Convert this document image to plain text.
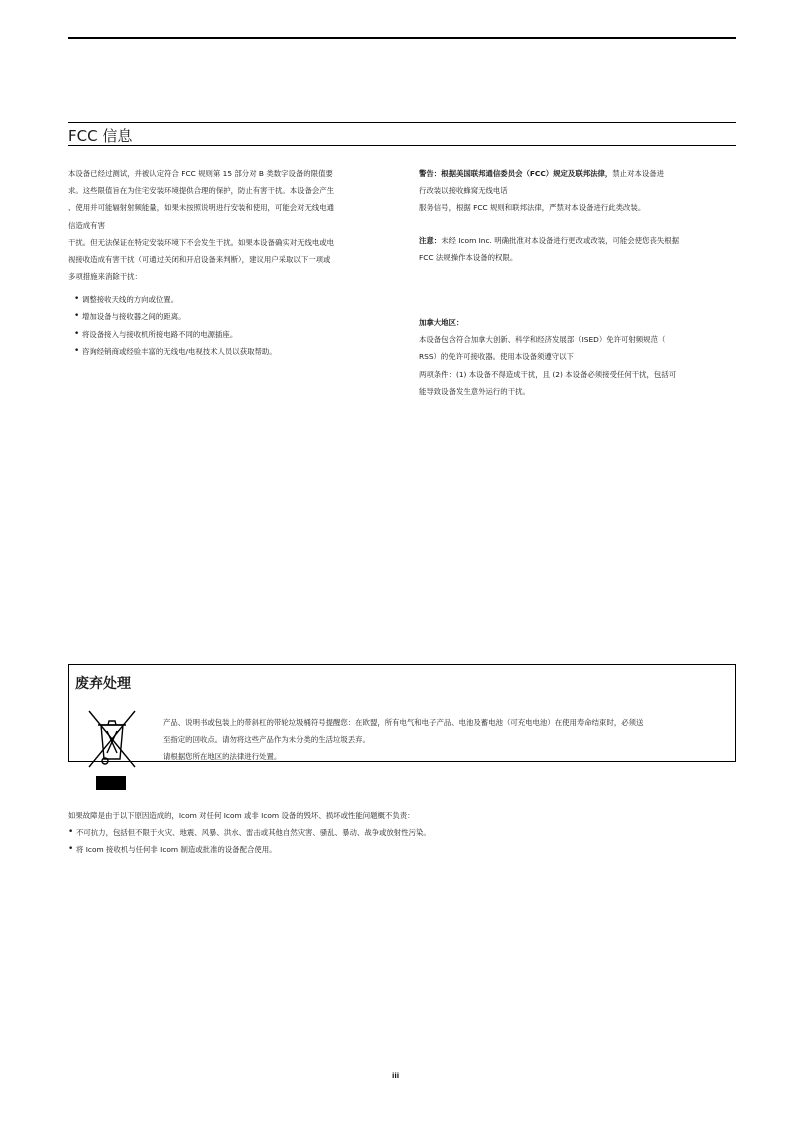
FCC 信息

本设备已经过测试，并被认定符合 FCC 规则第 15 部分对 B 类数字设备的限值要

求。这些限值旨在为住宅安装环境提供合理的保护，防止有害干扰。本设备会产生

、使用并可能辐射射频能量，如果未按照说明进行安装和使用，可能会对无线电通

信造成有害

干扰。但无法保证在特定安装环境下不会发生干扰。如果本设备确实对无线电或电

视接收造成有害干扰（可通过关闭和开启设备来判断），建议用户采取以下一项或

多项措施来消除干扰：

• 调整接收天线的方向或位置。
• 增加设备与接收器之间的距离。
• 将设备接入与接收机所接电路不同的电源插座。
• 咨询经销商或经验丰富的无线电/电视技术人员以获取帮助。

警告：根据美国联邦通信委员会（FCC）规定及联邦法律，禁止对本设备进

行改装以接收蜂窝无线电话

服务信号，根据 FCC 规则和联邦法律，严禁对本设备进行此类改装。

注意：未经 Icom Inc. 明确批准对本设备进行更改或改装，可能会使您丧失根据

FCC 法规操作本设备的权限。

加拿大地区：

本设备包含符合加拿大创新、科学和经济发展部（ISED）免许可射频规范（

RSS）的免许可接收器。使用本设备须遵守以下

两项条件：(1) 本设备不得造成干扰，且 (2) 本设备必须接受任何干扰，包括可

能导致设备发生意外运行的干扰。

废弃处理

产品、说明书或包装上的带斜杠的带轮垃圾桶符号提醒您：在欧盟，所有电气和电子产品、电池及蓄电池（可充电电池）在使用寿命结束时，必须送

至指定的回收点。请勿将这些产品作为未分类的生活垃圾丢弃。

请根据您所在地区的法律进行处置。

如果故障是由于以下原因造成的，Icom 对任何 Icom 或非 Icom 设备的毁坏、损坏或性能问题概不负责：

• 不可抗力，包括但不限于火灾、地震、风暴、洪水、雷击或其他自然灾害、骚乱、暴动、战争或放射性污染。
• 将 Icom 接收机与任何非 Icom 制造或批准的设备配合使用。
iii
